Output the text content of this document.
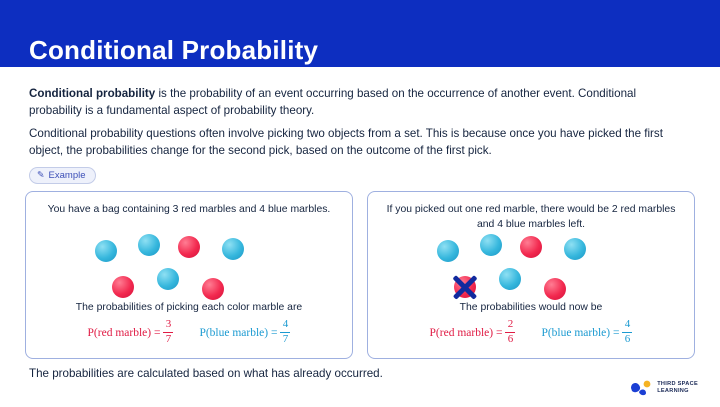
Conditional Probability
Conditional probability is the probability of an event occurring based on the occurrence of another event. Conditional probability is a fundamental aspect of probability theory.
Conditional probability questions often involve picking two objects from a set. This is because once you have picked the first object, the probabilities change for the second pick, based on the outcome of the first pick.
✎ Example
You have a bag containing 3 red marbles and 4 blue marbles.
The probabilities of picking each color marble are
P(red marble) = $\frac{3}{7}$ P(blue marble) = $\frac{4}{7}$
If you picked out one red marble, there would be 2 red marbles and 4 blue marbles left.
The probabilities would now be
P(red marble) = $\frac{2}{6}$ P(blue marble) = $\frac{4}{6}$
The probabilities are calculated based on what has already occurred.
THIRD SPACE
LEARNING
